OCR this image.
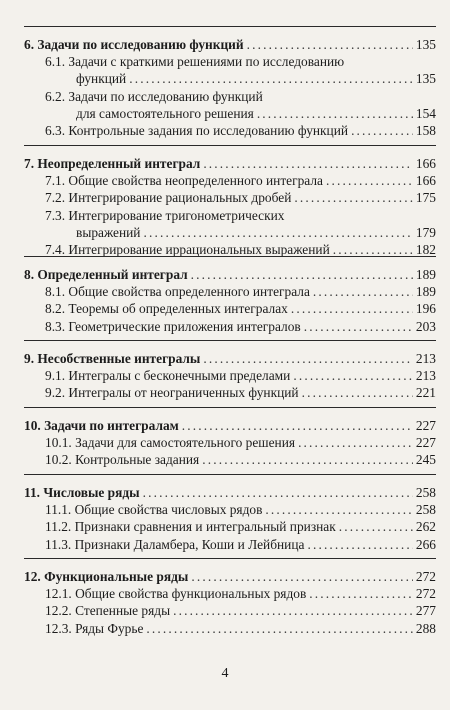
6. Задачи по исследованию функций . . .	135
6.1. Задачи с краткими решениями по исследованию
функций . . .	135
6.2. Задачи по исследованию функций
для самостоятельного решения . . .	154
6.3. Контрольные задания по исследованию функций . . .	158
7. Неопределенный интеграл . . .	166
7.1. Общие свойства неопределенного интеграла . . .	166
7.2. Интегрирование рациональных дробей . . .	175
7.3. Интегрирование тригонометрических
выражений . . .	179
7.4. Интегрирование иррациональных выражений . . .	182
8. Определенный интеграл . . .	189
8.1. Общие свойства определенного интеграла . . .	189
8.2. Теоремы об определенных интегралах . . .	196
8.3. Геометрические приложения интегралов . . .	203
9. Несобственные интегралы . . .	213
9.1. Интегралы с бесконечными пределами . . .	213
9.2. Интегралы от неограниченных функций . . .	221
10. Задачи по интегралам . . .	227
10.1. Задачи для самостоятельного решения . . .	227
10.2. Контрольные задания . . .	245
11. Числовые ряды . . .	258
11.1. Общие свойства числовых рядов . . .	258
11.2. Признаки сравнения и интегральный признак . . .	262
11.3. Признаки Даламбера, Коши и Лейбница . . .	266
12. Функциональные ряды . . .	272
12.1. Общие свойства функциональных рядов . . .	272
12.2. Степенные ряды . . .	277
12.3. Ряды Фурье . . .	288
4
